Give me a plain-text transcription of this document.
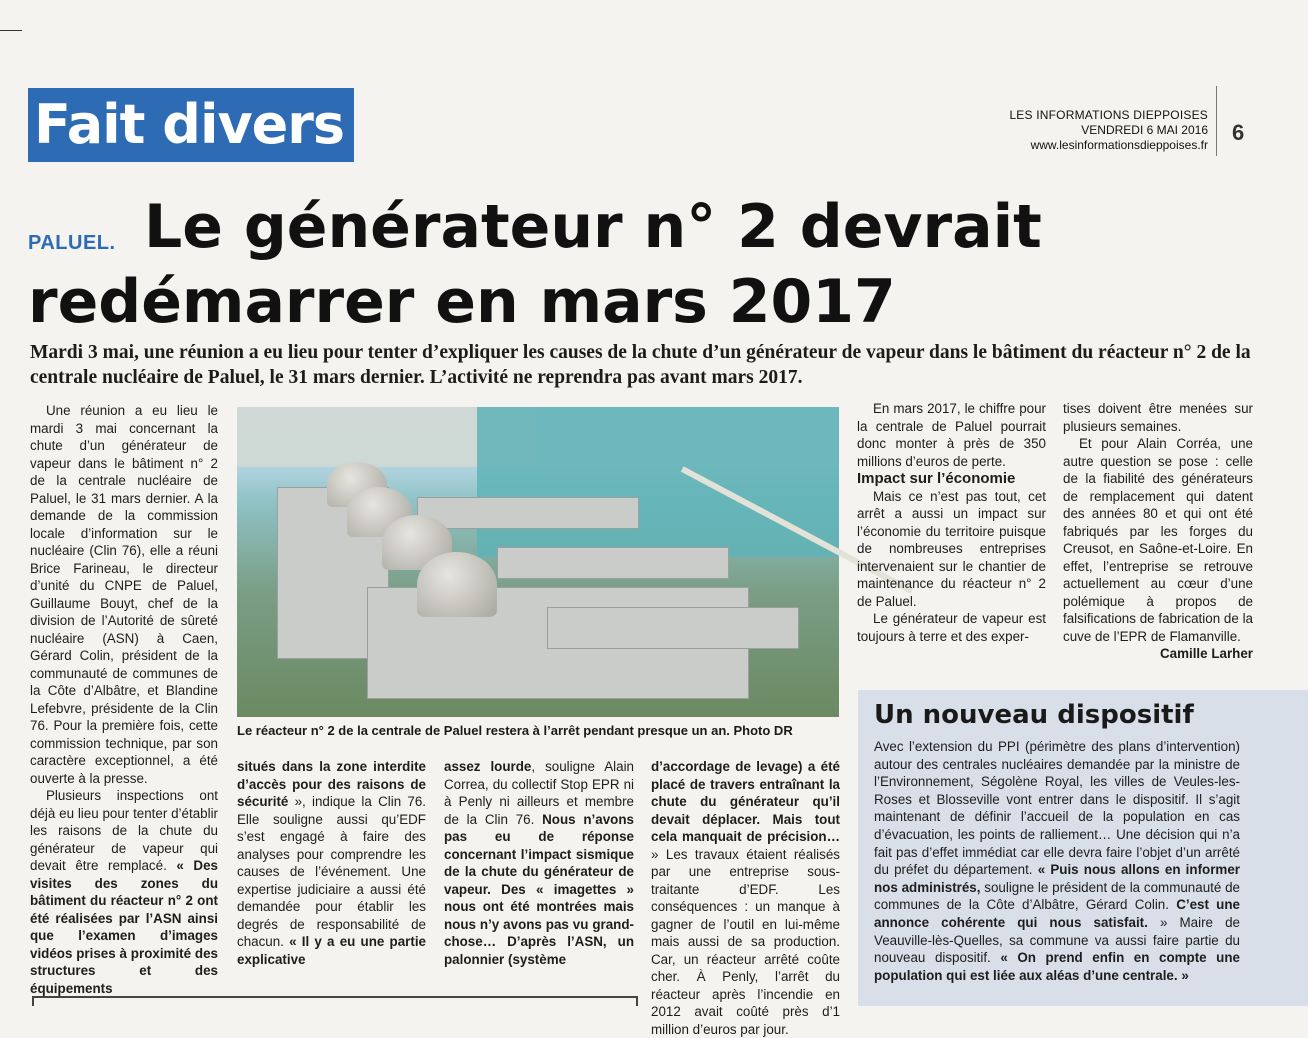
Fait divers	LES INFORMATIONS DIEPPOISES
VENDREDI 6 MAI 2016
www.lesinformationsdieppoises.fr 6
PALUEL. Le générateur n° 2 devrait
redémarrer en mars 2017
Mardi 3 mai, une réunion a eu lieu pour tenter d’expliquer les causes de la chute d’un générateur de vapeur dans le bâtiment du réacteur n° 2 de la centrale nucléaire de Paluel, le 31 mars dernier. L’activité ne reprendra pas avant mars 2017.

Une réunion a eu lieu le mardi 3 mai concernant la chute d’un générateur de vapeur dans le bâtiment n° 2 de la centrale nucléaire de Paluel, le 31 mars dernier. A la demande de la commission locale d’information sur le nucléaire (Clin 76), elle a réuni Brice Farineau, le directeur d’unité du CNPE de Paluel, Guillaume Bouyt, chef de la division de l’Autorité de sûreté nucléaire (ASN) à Caen, Gérard Colin, président de la communauté de communes de la Côte d’Albâtre, et Blandine Lefebvre, présidente de la Clin 76. Pour la première fois, cette commission technique, par son caractère exceptionnel, a été ouverte à la presse.

Plusieurs inspections ont déjà eu lieu pour tenter d’établir les raisons de la chute du générateur de vapeur qui devait être remplacé. « Des visites des zones du bâtiment du réacteur n° 2 ont été réalisées par l’ASN ainsi que l’examen d’images vidéos prises à proximité des structures et des équipements

Le réacteur n° 2 de la centrale de Paluel restera à l’arrêt pendant presque un an. Photo DR

situés dans la zone interdite d’accès pour des raisons de sécurité », indique la Clin 76. Elle souligne aussi qu’EDF s’est engagé à faire des analyses pour comprendre les causes de l’événement. Une expertise judiciaire a aussi été demandée pour établir les degrés de responsabilité de chacun. « Il y a eu une partie explicative

assez lourde, souligne Alain Correa, du collectif Stop EPR ni à Penly ni ailleurs et membre de la Clin 76. Nous n’avons pas eu de réponse concernant l’impact sismique de la chute du générateur de vapeur. Des « imagettes » nous ont été montrées mais nous n’y avons pas vu grand-chose… D’après l’ASN, un palonnier (système

d’accordage de levage) a été placé de travers entraînant la chute du générateur qu’il devait déplacer. Mais tout cela manquait de précision… » Les travaux étaient réalisés par une entreprise sous-traitante d’EDF. Les conséquences : un manque à gagner de l’outil en lui-même mais aussi de sa production. Car, un réacteur arrêté coûte cher. À Penly, l’arrêt du réacteur après l’incendie en 2012 avait coûté près d’1 million d’euros par jour.

En mars 2017, le chiffre pour la centrale de Paluel pourrait donc monter à près de 350 millions d’euros de perte.

Impact sur l’économie

Mais ce n’est pas tout, cet arrêt a aussi un impact sur l’économie du territoire puisque de nombreuses entreprises intervenaient sur le chantier de maintenance du réacteur n° 2 de Paluel.

Le générateur de vapeur est toujours à terre et des exper-

tises doivent être menées sur plusieurs semaines.

Et pour Alain Corréa, une autre question se pose : celle de la fiabilité des générateurs de remplacement qui datent des années 80 et qui ont été fabriqués par les forges du Creusot, en Saône-et-Loire. En effet, l’entreprise se retrouve actuellement au cœur d’une polémique à propos de falsifications de fabrication de la cuve de l’EPR de Flamanville.

Camille Larher

Un nouveau dispositif
Avec l’extension du PPI (périmètre des plans d’intervention) autour des centrales nucléaires demandée par la ministre de l’Environnement, Ségolène Royal, les villes de Veules-les-Roses et Blosseville vont entrer dans le dispositif. Il s’agit maintenant de définir l’accueil de la population en cas d’évacuation, les points de ralliement… Une décision qui n’a fait pas d’effet immédiat car elle devra faire l’objet d’un arrêté du préfet du département. « Puis nous allons en informer nos administrés, souligne le président de la communauté de communes de la Côte d’Albâtre, Gérard Colin. C’est une annonce cohérente qui nous satisfait. » Maire de Veauville-lès-Quelles, sa commune va aussi faire partie du nouveau dispositif. « On prend enfin en compte une population qui est liée aux aléas d’une centrale. »
